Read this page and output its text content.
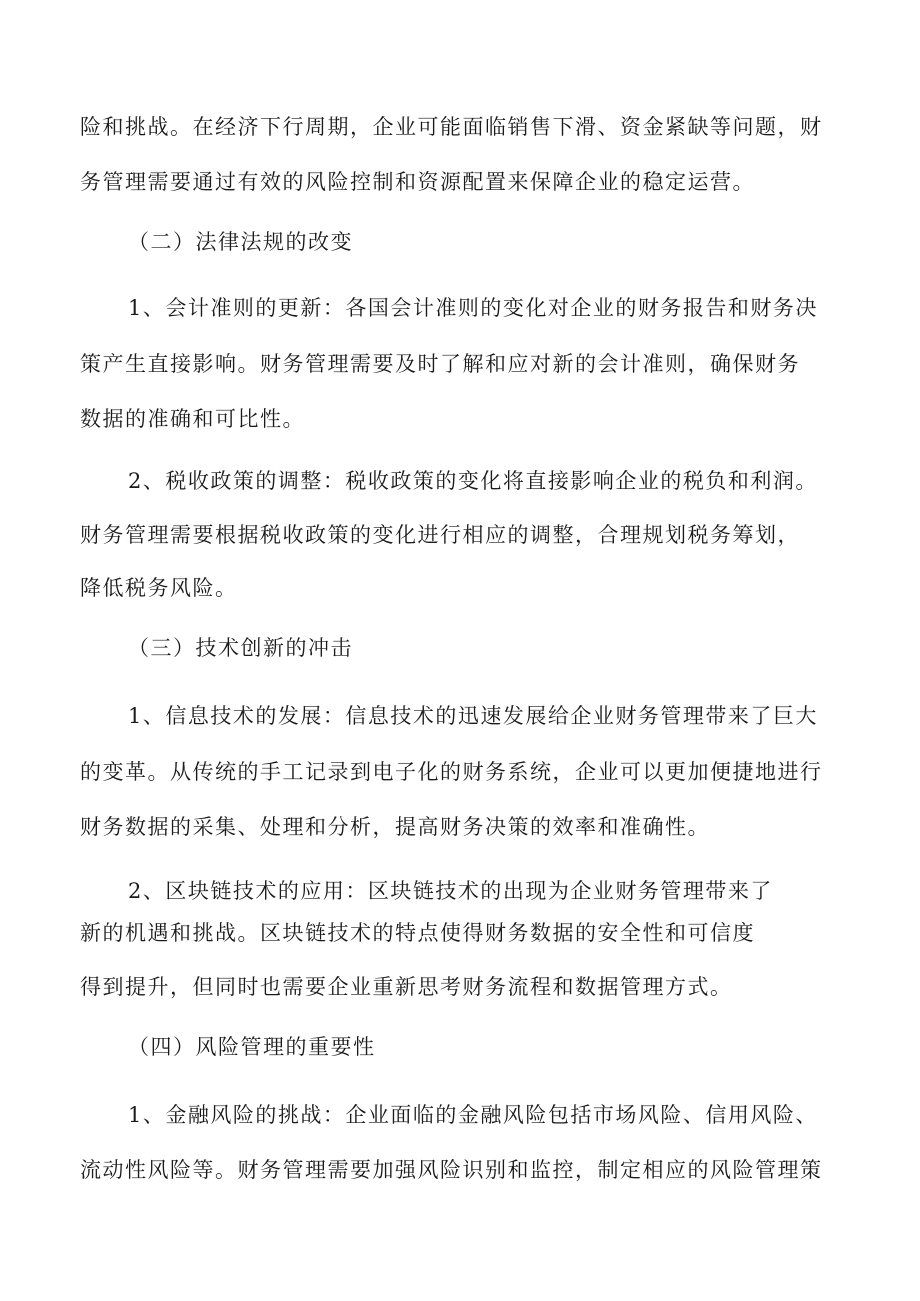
险和挑战。在经济下行周期，企业可能面临销售下滑、资金紧缺等问题，财
务管理需要通过有效的风险控制和资源配置来保障企业的稳定运营。
（二）法律法规的改变
1、会计准则的更新：各国会计准则的变化对企业的财务报告和财务决
策产生直接影响。财务管理需要及时了解和应对新的会计准则，确保财务
数据的准确和可比性。
2、税收政策的调整：税收政策的变化将直接影响企业的税负和利润。
财务管理需要根据税收政策的变化进行相应的调整，合理规划税务筹划，
降低税务风险。
（三）技术创新的冲击
1、信息技术的发展：信息技术的迅速发展给企业财务管理带来了巨大
的变革。从传统的手工记录到电子化的财务系统，企业可以更加便捷地进行
财务数据的采集、处理和分析，提高财务决策的效率和准确性。
2、区块链技术的应用：区块链技术的出现为企业财务管理带来了
新的机遇和挑战。区块链技术的特点使得财务数据的安全性和可信度
得到提升，但同时也需要企业重新思考财务流程和数据管理方式。
（四）风险管理的重要性
1、金融风险的挑战：企业面临的金融风险包括市场风险、信用风险、
流动性风险等。财务管理需要加强风险识别和监控，制定相应的风险管理策
